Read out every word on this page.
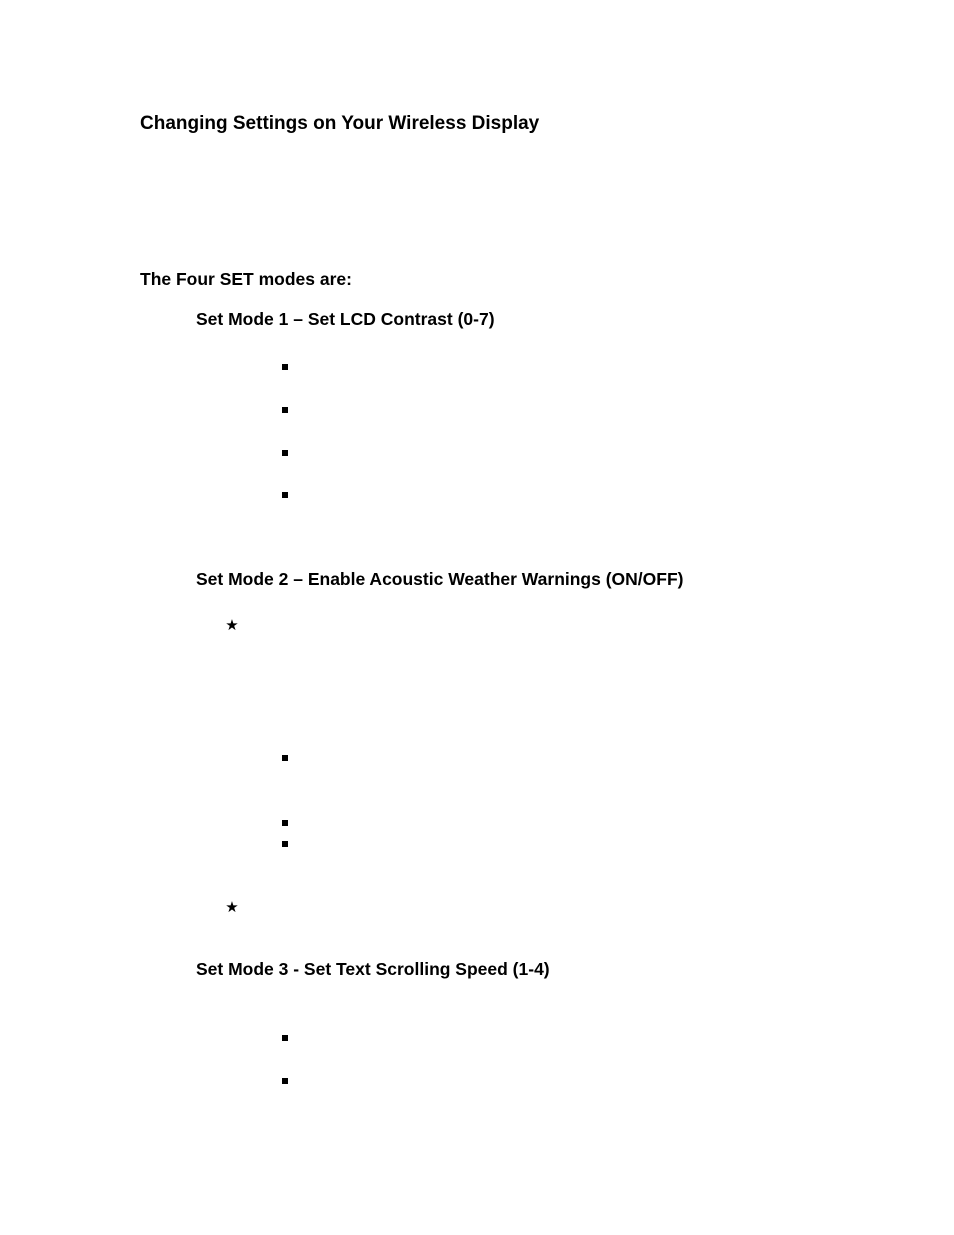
Changing Settings on Your Wireless Display
The Four SET modes are:
Set Mode 1 – Set LCD Contrast (0-7)
Set Mode 2 – Enable Acoustic Weather Warnings (ON/OFF)
★
★
Set Mode 3 - Set Text Scrolling Speed (1-4)
